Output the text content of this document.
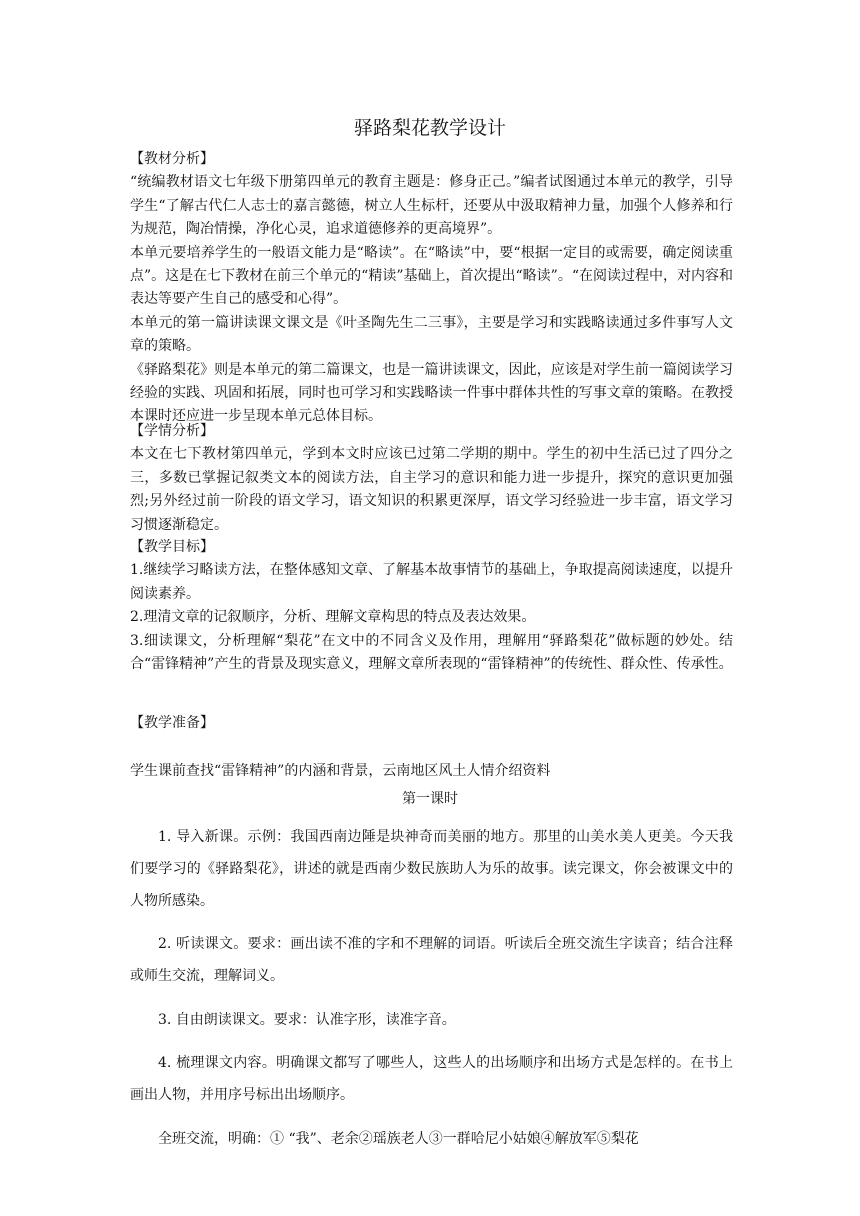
驿路梨花教学设计

【教材分析】

“统编教材语文七年级下册第四单元的教育主题是：修身正己。”编者试图通过本单元的教学，引导学生“了解古代仁人志士的嘉言懿德，树立人生标杆，还要从中汲取精神力量，加强个人修养和行为规范，陶冶情操，净化心灵，追求道德修养的更高境界”。

本单元要培养学生的一般语文能力是“略读”。在“略读”中，要“根据一定目的或需要，确定阅读重点”。这是在七下教材在前三个单元的“精读”基础上，首次提出“略读”。“在阅读过程中，对内容和表达等要产生自己的感受和心得”。

本单元的第一篇讲读课文课文是《叶圣陶先生二三事》，主要是学习和实践略读通过多件事写人文章的策略。

《驿路梨花》则是本单元的第二篇课文，也是一篇讲读课文，因此，应该是对学生前一篇阅读学习经验的实践、巩固和拓展，同时也可学习和实践略读一件事中群体共性的写事文章的策略。在教授本课时还应进一步呈现本单元总体目标。

【学情分析】

本文在七下教材第四单元，学到本文时应该已过第二学期的期中。学生的初中生活已过了四分之三，多数已掌握记叙类文本的阅读方法，自主学习的意识和能力进一步提升，探究的意识更加强烈;另外经过前一阶段的语文学习，语文知识的积累更深厚，语文学习经验进一步丰富，语文学习习惯逐渐稳定。

【教学目标】

1.继续学习略读方法，在整体感知文章、了解基本故事情节的基础上，争取提高阅读速度，以提升阅读素养。

2.理清文章的记叙顺序，分析、理解文章构思的特点及表达效果。

3.细读课文，分析理解“梨花”在文中的不同含义及作用，理解用“驿路梨花”做标题的妙处。结合“雷锋精神”产生的背景及现实意义，理解文章所表现的“雷锋精神”的传统性、群众性、传承性。

【教学准备】

学生课前查找“雷锋精神”的内涵和背景，云南地区风土人情介绍资料

第一课时

1. 导入新课。示例：我国西南边陲是块神奇而美丽的地方。那里的山美水美人更美。今天我们要学习的《驿路梨花》，讲述的就是西南少数民族助人为乐的故事。读完课文，你会被课文中的人物所感染。

2. 听读课文。要求：画出读不准的字和不理解的词语。听读后全班交流生字读音；结合注释或师生交流，理解词义。

3. 自由朗读课文。要求：认准字形，读准字音。

4. 梳理课文内容。明确课文都写了哪些人，这些人的出场顺序和出场方式是怎样的。在书上画出人物，并用序号标出出场顺序。

全班交流，明确：① “我”、老余②瑶族老人③一群哈尼小姑娘④解放军⑤梨花
